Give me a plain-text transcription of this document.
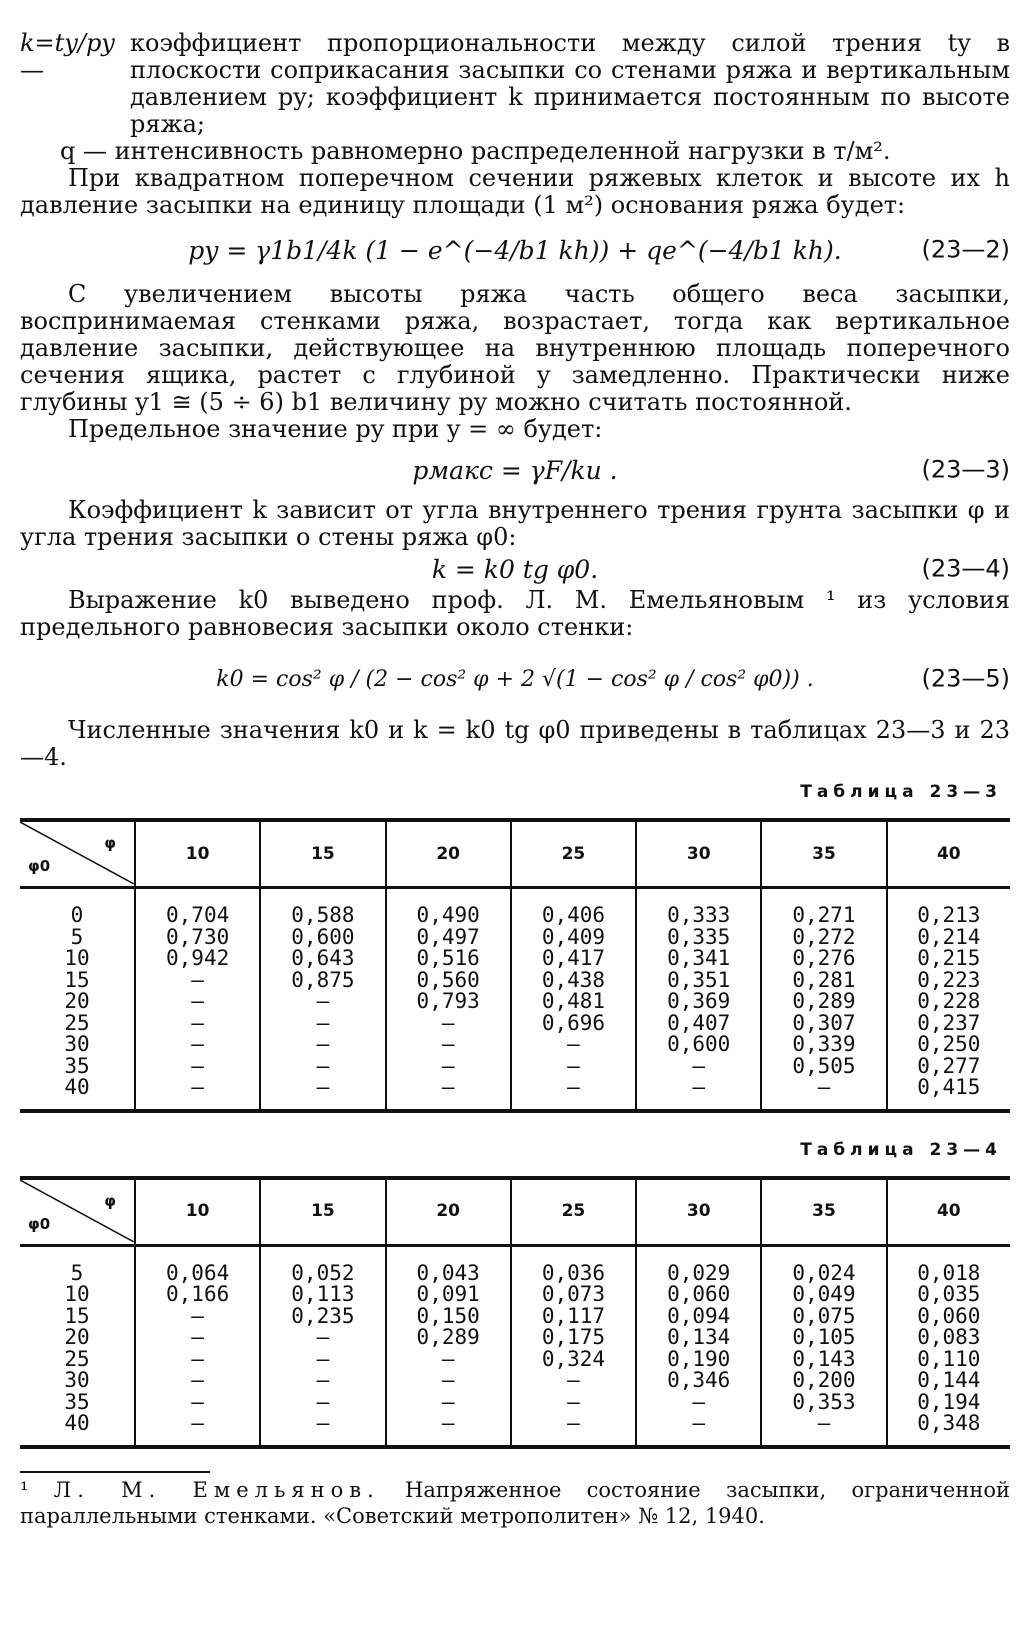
k=ty/py —
коэффициент пропорциональности между силой трения ty в плоскости соприкасания засыпки со стенами ряжа и вертикальным давлением py; коэффициент k принимается постоянным по высоте ряжа;

q — интенсивность равномерно распределенной нагрузки в т/м².

При квадратном поперечном сечении ряжевых клеток и высоте их h давление засыпки на единицу площади (1 м²) основания ряжа будет:

py = γ1b1/4k (1 − e^(−4/b1 kh)) + qe^(−4/b1 kh).	(23—2)

С увеличением высоты ряжа часть общего веса засыпки, воспринимаемая стенками ряжа, возрастает, тогда как вертикальное давление засыпки, действующее на внутреннюю площадь поперечного сечения ящика, растет с глубиной y замедленно. Практически ниже глубины y1 ≅ (5 ÷ 6) b1 величину py можно считать постоянной.

Предельное значение py при y = ∞ будет:

pмакс = γF/ku .	(23—3)

Коэффициент k зависит от угла внутреннего трения грунта засыпки φ и угла трения засыпки о стены ряжа φ0:

k = k0 tg φ0.	(23—4)

Выражение k0 выведено проф. Л. М. Емельяновым ¹ из условия предельного равновесия засыпки около стенки:

k0 = cos² φ / (2 − cos² φ + 2 √(1 − cos² φ / cos² φ0)) .	(23—5)

Численные значения k0 и k = k0 tg φ0 приведены в таблицах 23—3 и 23—4.

Таблица 23—3
φ
φ0	10	15	20	25	30	35	40
0	0,704	0,588	0,490	0,406	0,333	0,271	0,213
5	0,730	0,600	0,497	0,409	0,335	0,272	0,214
10	0,942	0,643	0,516	0,417	0,341	0,276	0,215
15	—	0,875	0,560	0,438	0,351	0,281	0,223
20	—	—	0,793	0,481	0,369	0,289	0,228
25	—	—	—	0,696	0,407	0,307	0,237
30	—	—	—	—	0,600	0,339	0,250
35	—	—	—	—	—	0,505	0,277
40	—	—	—	—	—	—	0,415
Таблица 23—4
φ
φ0	10	15	20	25	30	35	40
5	0,064	0,052	0,043	0,036	0,029	0,024	0,018
10	0,166	0,113	0,091	0,073	0,060	0,049	0,035
15	—	0,235	0,150	0,117	0,094	0,075	0,060
20	—	—	0,289	0,175	0,134	0,105	0,083
25	—	—	—	0,324	0,190	0,143	0,110
30	—	—	—	—	0,346	0,200	0,144
35	—	—	—	—	—	0,353	0,194
40	—	—	—	—	—	—	0,348

¹ Л. М. Емельянов. Напряженное состояние засыпки, ограниченной параллельными стенками. «Советский метрополитен» № 12, 1940.
